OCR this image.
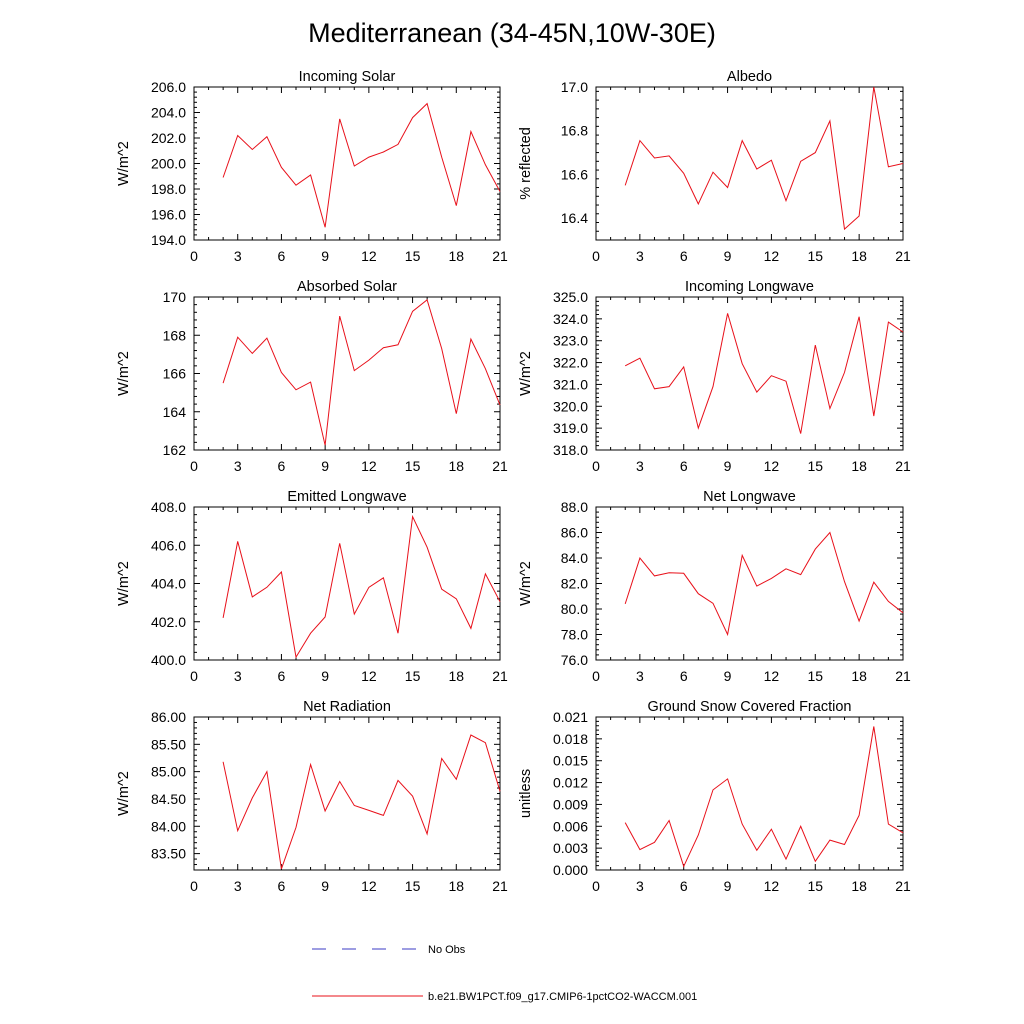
Mediterranean (34-45N,10W-30E)
Incoming Solar
W/m^2
0	3	6	9 12 15 18 21
194.0
196.0
198.0
200.0
202.0
204.0
206.0
Albedo
% reflected
0	3	6	9 12 15 18 21
16.4
16.6
16.8
17.0
Absorbed Solar
W/m^2
0	3	6	9 12 15 18 21
162
164
166
168
170
Incoming Longwave
W/m^2
0	3	6	9 12 15 18 21
318.0
319.0
320.0
321.0
322.0
323.0
324.0
325.0
Emitted Longwave
W/m^2
0	3	6	9 12 15 18 21
400.0
402.0
404.0
406.0
408.0
Net Longwave
W/m^2
0	3	6	9 12 15 18 21
76.0
78.0
80.0
82.0
84.0
86.0
88.0
Net Radiation
W/m^2
0	3	6	9 12 15 18 21
83.50
84.00
84.50
85.00
85.50
86.00
Ground Snow Covered Fraction
unitless
0	3	6	9 12 15 18 21
0.000
0.003
0.006
0.009
0.012
0.015
0.018
0.021
No Obs
b.e21.BW1PCT.f09_g17.CMIP6-1pctCO2-WACCM.001
